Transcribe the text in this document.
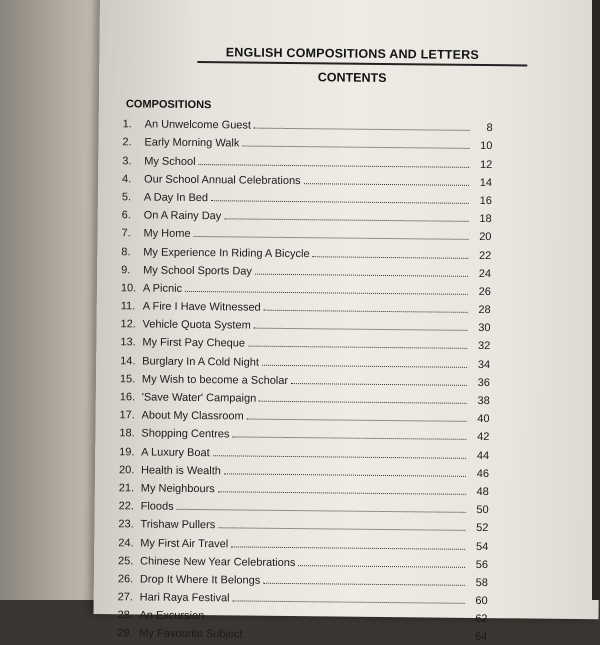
ENGLISH COMPOSITIONS AND LETTERS
CONTENTS
COMPOSITIONS
1.	An Unwelcome Guest	8
2.	Early Morning Walk	10
3.	My School	12
4.	Our School Annual Celebrations	14
5.	A Day In Bed	16
6.	On A Rainy Day	18
7.	My Home	20
8.	My Experience In Riding A Bicycle	22
9.	My School Sports Day	24
10. A Picnic	26
11. A Fire I Have Witnessed	28
12. Vehicle Quota System	30
13. My First Pay Cheque	32
14. Burglary In A Cold Night	34
15. My Wish to become a Scholar	36
16. 'Save Water' Campaign	38
17. About My Classroom	40
18. Shopping Centres	42
19. A Luxury Boat	44
20. Health is Wealth	46
21. My Neighbours	48
22. Floods	50
23. Trishaw Pullers	52
24. My First Air Travel	54
25. Chinese New Year Celebrations	56
26. Drop It Where It Belongs	58
27. Hari Raya Festival	60
28. An Excursion	62
29. My Favourite Subject	64
